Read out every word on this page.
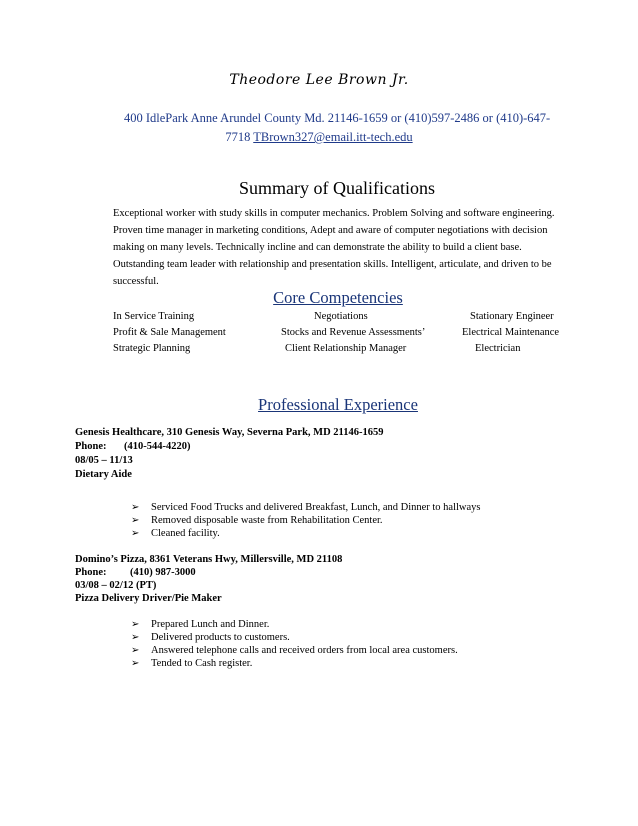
Theodore Lee Brown Jr.
400 IdlePark Anne Arundel County Md. 21146-1659 or (410)597-2486 or (410)-647-
7718 TBrown327@email.itt-tech.edu
Summary of Qualifications
Exceptional worker with study skills in computer mechanics. Problem Solving and software engineering. Proven time manager in marketing conditions, Adept and aware of computer negotiations with decision making on many levels. Technically incline and can demonstrate the ability to build a client base. Outstanding team leader with relationship and presentation skills. Intelligent, articulate, and driven to be successful.
Core Competencies
In Service Training
Profit & Sale Management
Strategic Planning
Negotiations
Stocks and Revenue Assessments’
Client Relationship Manager
Stationary Engineer
Electrical Maintenance
Electrician
Professional Experience
Genesis Healthcare, 310 Genesis Way, Severna Park, MD 21146-1659
Phone: (410-544-4220)
08/05 – 11/13
Dietary Aide
➢ Serviced Food Trucks and delivered Breakfast, Lunch, and Dinner to hallways
➢ Removed disposable waste from Rehabilitation Center.
➢ Cleaned facility.
Domino’s Pizza, 8361 Veterans Hwy, Millersville, MD 21108
Phone: (410) 987-3000
03/08 – 02/12 (PT)
Pizza Delivery Driver/Pie Maker
➢ Prepared Lunch and Dinner.
➢ Delivered products to customers.
➢ Answered telephone calls and received orders from local area customers.
➢ Tended to Cash register.
